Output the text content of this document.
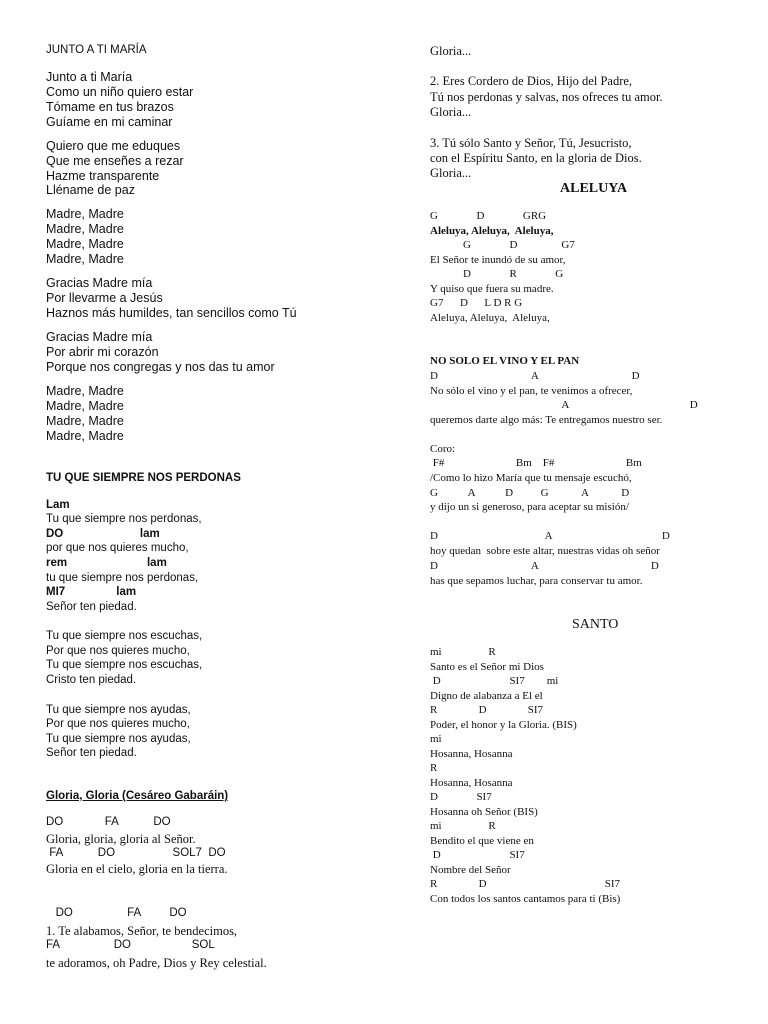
JUNTO A TI MARÍA
Junto a ti María
Como un niño quiero estar
Tómame en tus brazos
Guíame en mi caminar
Quiero que me eduques
Que me enseñes a rezar
Hazme transparente
Lléname de paz
Madre, Madre
Madre, Madre
Madre, Madre
Madre, Madre
Gracias Madre mía
Por llevarme a Jesús
Haznos más humildes, tan sencillos como Tú
Gracias Madre mía
Por abrir mi corazón
Porque nos congregas y nos das tu amor
Madre, Madre
Madre, Madre
Madre, Madre
Madre, Madre
TU QUE SIEMPRE NOS PERDONAS
Lam
Tu que siempre nos perdonas,
DO                        lam
por que nos quieres mucho,
rem                         lam
tu que siempre nos perdonas,
MI7                lam
Señor ten piedad.
Tu que siempre nos escuchas,
Por que nos quieres mucho,
Tu que siempre nos escuchas,
Cristo ten piedad.
Tu que siempre nos ayudas,
Por que nos quieres mucho,
Tu que siempre nos ayudas,
Señor ten piedad.
Gloria, Gloria (Cesáreo Gabaráin)
DO             FA           DO
Gloria, gloria, gloria al Señor.
FA           DO                  SOL7  DO
Gloria en el cielo, gloria en la tierra.
DO                 FA         DO
1. Te alabamos, Señor, te bendecimos,
FA                 DO                   SOL
te adoramos, oh Padre, Dios y Rey celestial.
Gloria...
2. Eres Cordero de Dios, Hijo del Padre,
Tú nos perdonas y salvas, nos ofreces tu amor.
Gloria...
3. Tú sólo Santo y Señor, Tú, Jesucristo,
con el Espíritu Santo, en la gloria de Dios.
Gloria...
ALELUYA
G              D              GRG
Aleluya, Aleluya,  Aleluya,
G              D                G7
El Señor te inundó de su amor,
D              R              G
Y quiso que fuera su madre.
G7      D      L D R G
Aleluya, Aleluya,  Aleluya,
NO SOLO EL VINO Y EL PAN
D                                  A                                  D
No sólo el vino y el pan, te venimos a ofrecer,
A                                            D
queremos darte algo más: Te entregamos nuestro ser.
Coro:
F#                          Bm    F#                          Bm
/Como lo hizo María que tu mensaje escuchó,
G           A           D          G            A            D
y dijo un si generoso, para aceptar su misión/
D                                       A                                        D
hoy quedan  sobre este altar, nuestras vidas oh señor
D                                  A                                         D
has que sepamos luchar, para conservar tu amor.
SANTO
mi                 R
Santo es el Señor mi Dios
D                         SI7        mi
Digno de alabanza a El el
R               D               SI7
Poder, el honor y la Gloria. (BIS)
mi
Hosanna, Hosanna
R
Hosanna, Hosanna
D              SI7
Hosanna oh Señor (BIS)
mi                 R
Bendito el que viene en
D                         SI7
Nombre del Señor
R               D                                           SI7
Con todos los santos cantamos para ti (Bis)
